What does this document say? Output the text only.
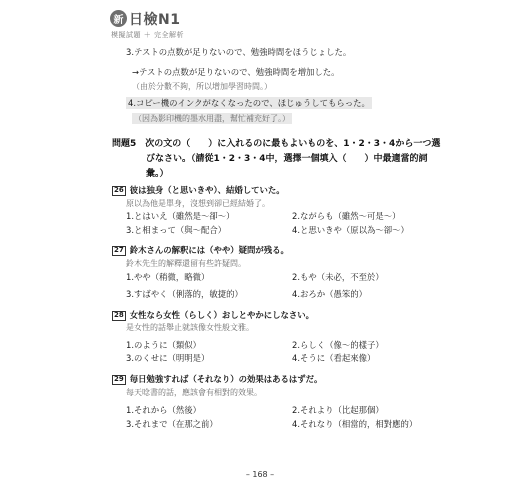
新 日檢N1
模擬試題 ＋ 完全解析
3.テストの点数が足りないので、勉強時間をほうじょした。
→テストの点数が足りないので、勉強時間を増加した。
（由於分數不夠，所以增加學習時間。）
4.コピー機のインクがなくなったので、ほじゅうしてもらった。
（因為影印機的墨水用盡，幫忙補充好了。）
問題5　次の文の（　　）に入れるのに最もよいものを、1・2・3・4から一つ選
びなさい。（請從1・2・3・4中，選擇一個填入（　　）中最適當的詞
彙。）
26 彼は独身（と思いきや）、結婚していた。
原以為他是單身，沒想到卻已經結婚了。
1.とはいえ（雖然是～卻～）	2.ながらも（雖然～可是～）
3.と相まって（與～配合）	4.と思いきや（原以為～卻～）
27 鈴木さんの解釈には（やや）疑問が残る。
鈴木先生的解釋還留有些許疑問。
1.やや（稍微，略微）	2.もや（未必，不至於）
3.すばやく（俐落的，敏捷的）	4.おろか（愚笨的）
28 女性なら女性（らしく）おしとやかにしなさい。
是女性的話舉止就該像女性般文雅。
1.のように（類似）	2.らしく（像～的樣子）
3.のくせに（明明是）	4.そうに（看起來像）
29 毎日勉強すれば（それなり）の効果はあるはずだ。
每天唸書的話，應該會有相對的效果。
1.それから（然後）	2.それより（比起那個）
3.それまで（在那之前）	4.それなり（相當的，相對應的）
– 168 –
